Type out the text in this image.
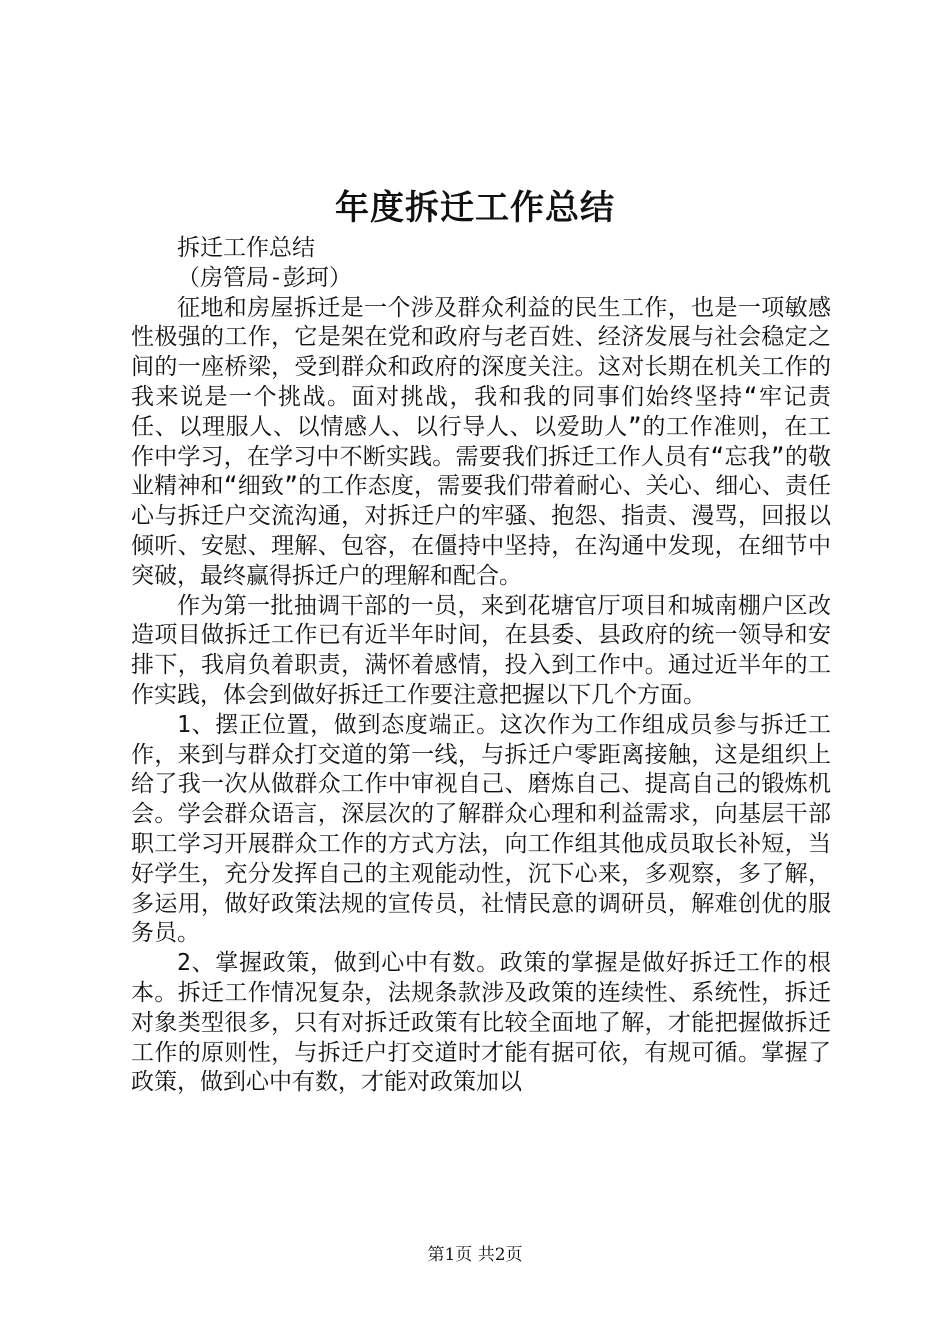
年度拆迁工作总结

拆迁工作总结

（房管局-彭珂）

征地和房屋拆迁是一个涉及群众利益的民生工作，也是一项敏感性极强的工作，它是架在党和政府与老百姓、经济发展与社会稳定之间的一座桥梁，受到群众和政府的深度关注。这对长期在机关工作的我来说是一个挑战。面对挑战，我和我的同事们始终坚持“牢记责任、以理服人、以情感人、以行导人、以爱助人”的工作准则，在工作中学习，在学习中不断实践。需要我们拆迁工作人员有“忘我”的敬业精神和“细致”的工作态度，需要我们带着耐心、关心、细心、责任心与拆迁户交流沟通，对拆迁户的牢骚、抱怨、指责、漫骂，回报以倾听、安慰、理解、包容，在僵持中坚持，在沟通中发现，在细节中突破，最终赢得拆迁户的理解和配合。

作为第一批抽调干部的一员，来到花塘官厅项目和城南棚户区改造项目做拆迁工作已有近半年时间，在县委、县政府的统一领导和安排下，我肩负着职责，满怀着感情，投入到工作中。通过近半年的工作实践，体会到做好拆迁工作要注意把握以下几个方面。

1、摆正位置，做到态度端正。这次作为工作组成员参与拆迁工作，来到与群众打交道的第一线，与拆迁户零距离接触，这是组织上给了我一次从做群众工作中审视自己、磨炼自己、提高自己的锻炼机会。学会群众语言，深层次的了解群众心理和利益需求，向基层干部职工学习开展群众工作的方式方法，向工作组其他成员取长补短，当好学生，充分发挥自己的主观能动性，沉下心来，多观察，多了解，多运用，做好政策法规的宣传员，社情民意的调研员，解难创优的服务员。

2、掌握政策，做到心中有数。政策的掌握是做好拆迁工作的根本。拆迁工作情况复杂，法规条款涉及政策的连续性、系统性，拆迁对象类型很多，只有对拆迁政策有比较全面地了解，才能把握做拆迁工作的原则性，与拆迁户打交道时才能有据可依，有规可循。掌握了政策，做到心中有数，才能对政策加以

第1页 共2页
